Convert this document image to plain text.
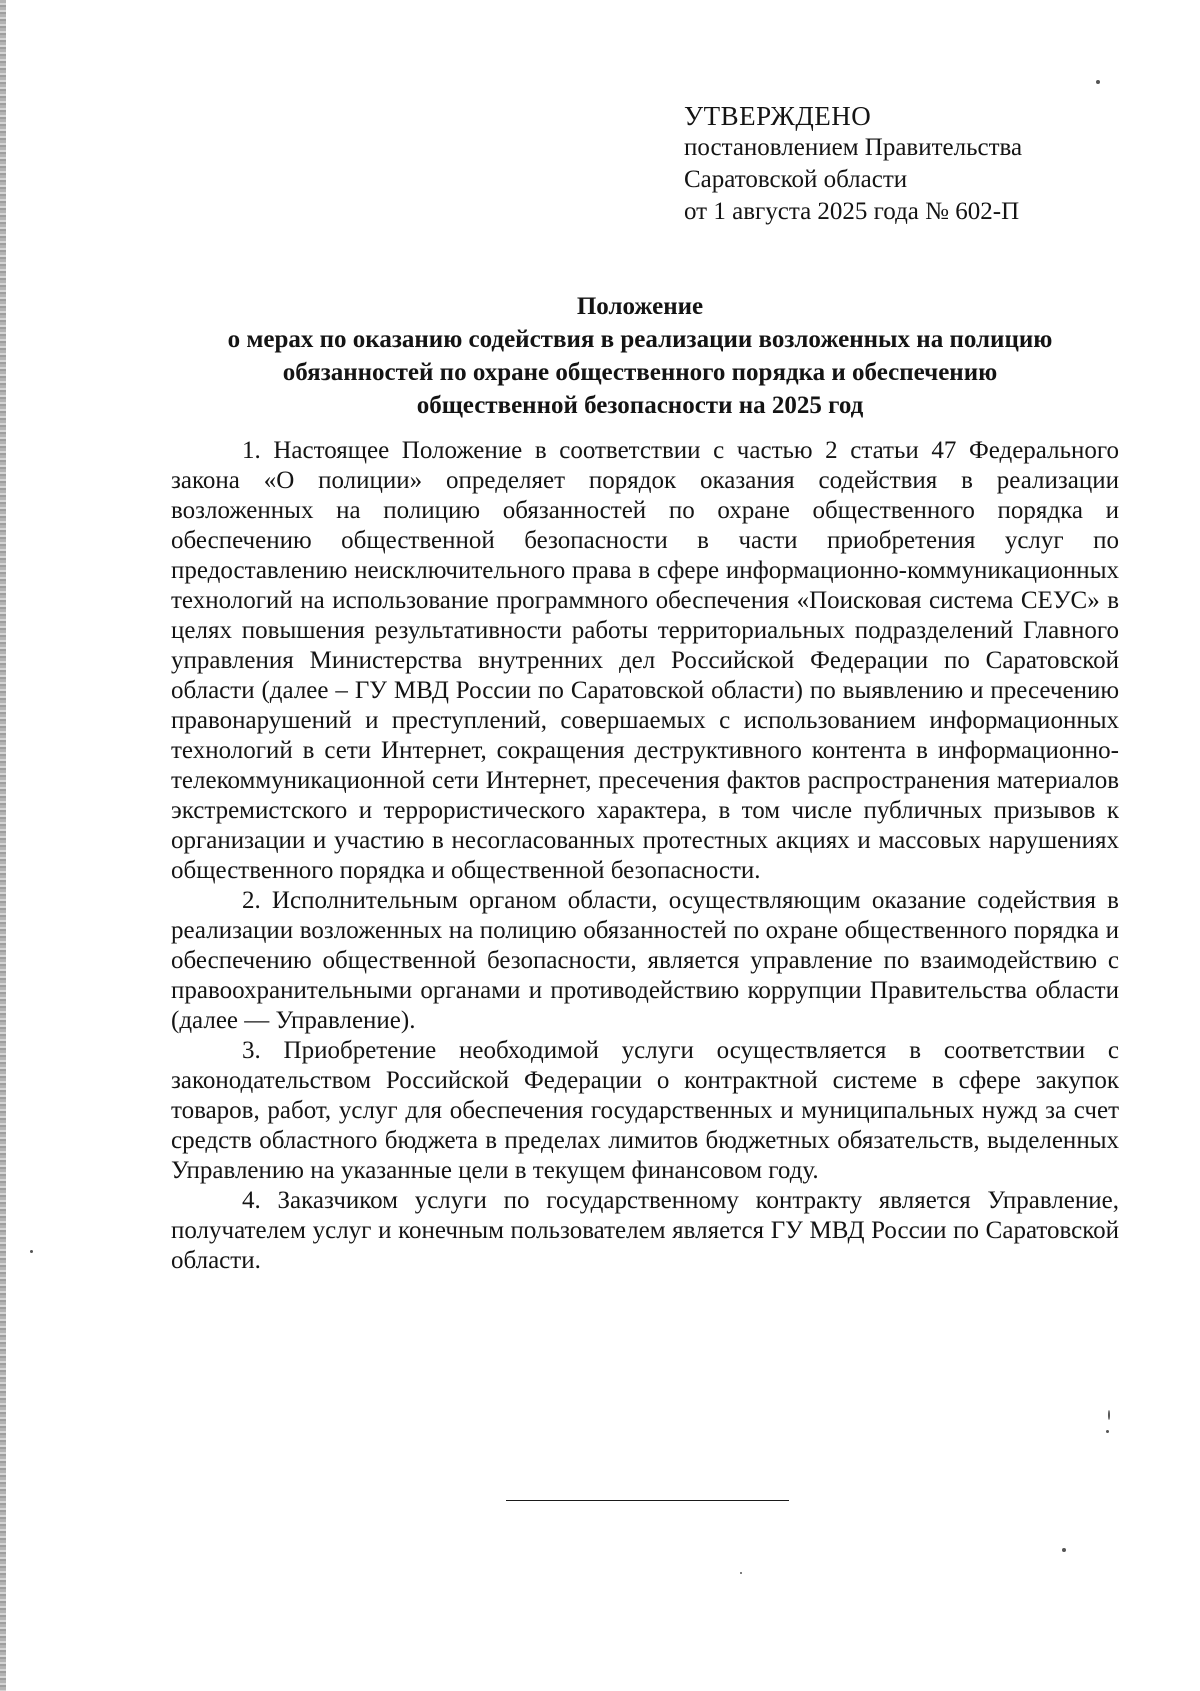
УТВЕРЖДЕНО
постановлением Правительства
Саратовской области
от 1 августа 2025 года № 602-П
Положение
о мерах по оказанию содействия в реализации возложенных на полицию
обязанностей по охране общественного порядка и обеспечению
общественной безопасности на 2025 год

1. Настоящее Положение в соответствии с частью 2 статьи 47 Федерального закона «О полиции» определяет порядок оказания содействия в реализации возложенных на полицию обязанностей по охране общественного порядка и обеспечению общественной безопасности в части приобретения услуг по предоставлению неисключительного права в сфере информационно-коммуникационных технологий на использование программного обеспечения «Поисковая система СЕУС» в целях повышения результативности работы территориальных подразделений Главного управления Министерства внутренних дел Российской Федерации по Саратовской области (далее – ГУ МВД России по Саратовской области) по выявлению и пресечению правонарушений и преступлений, совершаемых с использованием информационных технологий в сети Интернет, сокращения деструктивного контента в информационно-телекоммуникационной сети Интернет, пресечения фактов распространения материалов экстремистского и террористического характера, в том числе публичных призывов к организации и участию в несогласованных протестных акциях и массовых нарушениях общественного порядка и общественной безопасности.

2. Исполнительным органом области, осуществляющим оказание содействия в реализации возложенных на полицию обязанностей по охране общественного порядка и обеспечению общественной безопасности, является управление по взаимодействию с правоохранительными органами и противодействию коррупции Правительства области (далее — Управление).

3. Приобретение необходимой услуги осуществляется в соответствии с законодательством Российской Федерации о контрактной системе в сфере закупок товаров, работ, услуг для обеспечения государственных и муниципальных нужд за счет средств областного бюджета в пределах лимитов бюджетных обязательств, выделенных Управлению на указанные цели в текущем финансовом году.

4. Заказчиком услуги по государственному контракту является Управление, получателем услуг и конечным пользователем является ГУ МВД России по Саратовской области.
